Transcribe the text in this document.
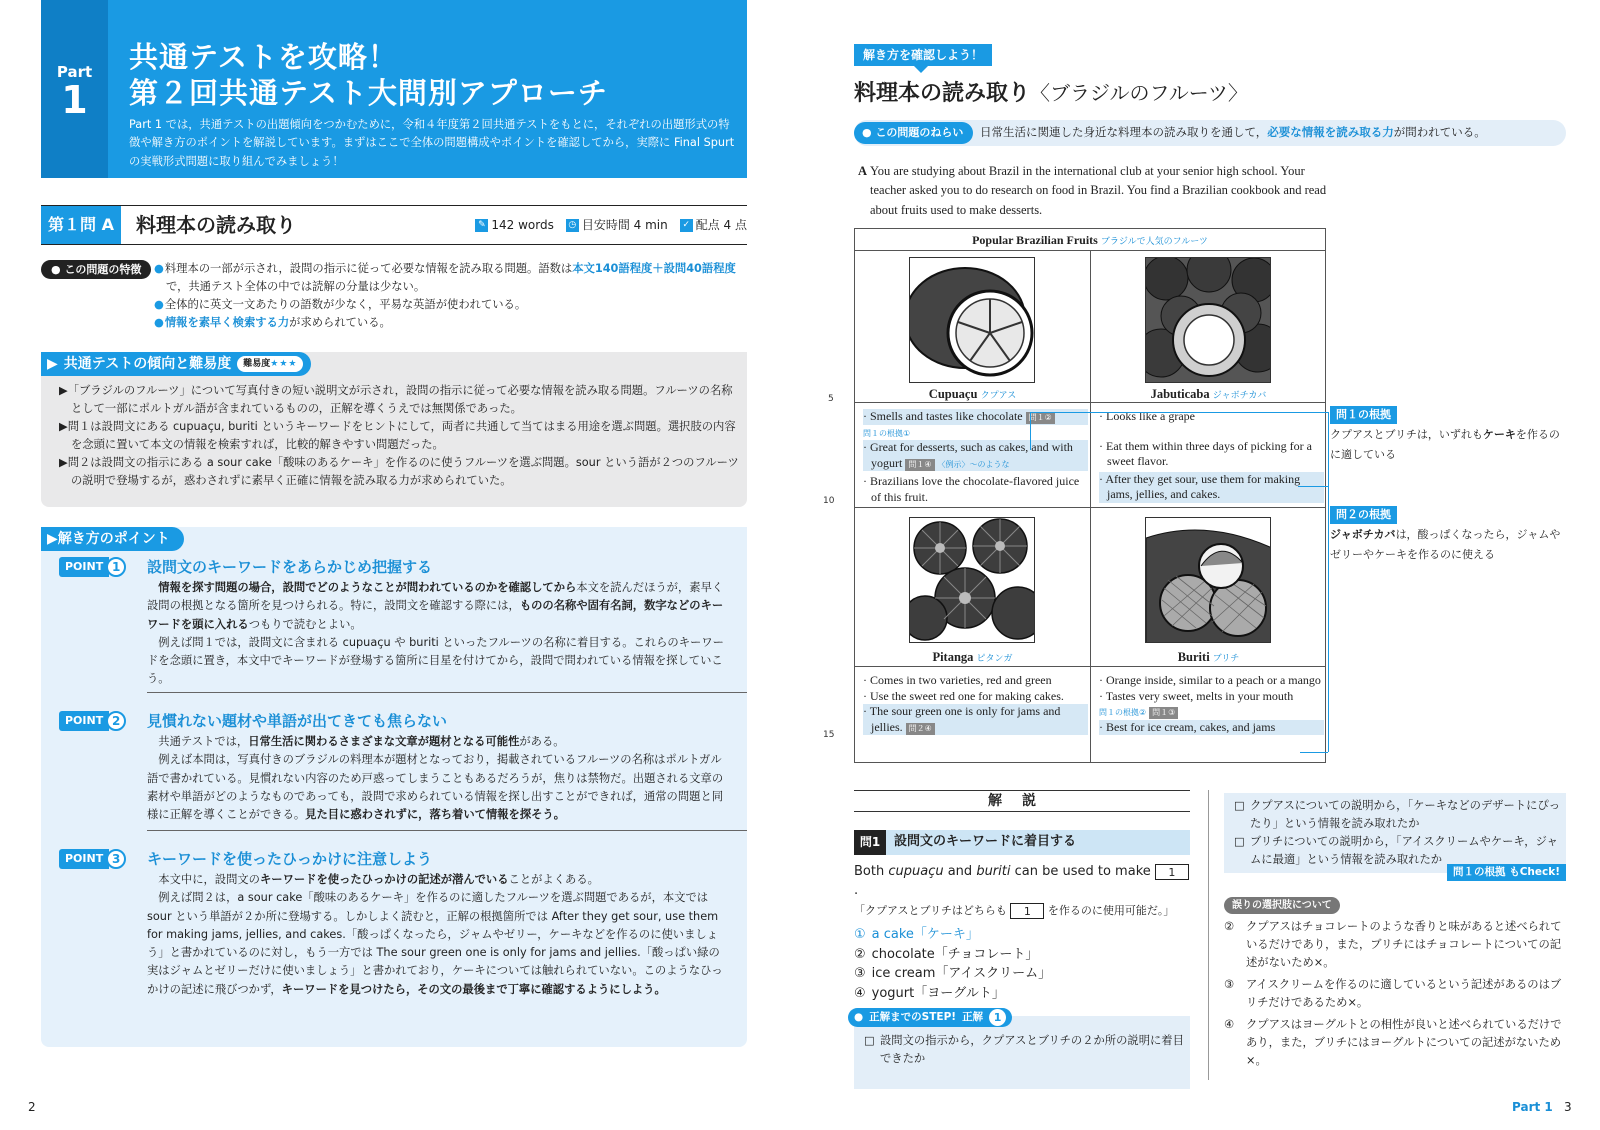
Part
1
共通テストを攻略！
第２回共通テスト大問別アプローチ
Part 1 では，共通テストの出題傾向をつかむために，令和４年度第２回共通テストをもとに，それぞれの出題形式の特徴や解き方のポイントを解説しています。まずはここで全体の問題構成やポイントを確認してから，実際に Final Spurt の実戦形式問題に取り組んでみましょう！
第１問 A	料理本の読み取り	✎ 142 words ◷ 目安時間 4 min	✓ 配点 4 点
● この問題の特徴
●	料理本の一部が示され，設問の指示に従って必要な情報を読み取る問題。語数は本文140語程度＋設問40語程度で，共通テスト全体の中では読解の分量は少ない。
● 全体的に英文一文あたりの語数が少なく，平易な英語が使われている。
● 情報を素早く検索する力が求められている。
▶ 共通テストの傾向と難易度	難易度★★★

▶「ブラジルのフルーツ」について写真付きの短い説明文が示され，設問の指示に従って必要な情報を読み取る問題。フルーツの名称として一部にポルトガル語が含まれているものの，正解を導くうえでは無関係であった。

▶問１は設問文にある cupuaçu, buriti というキーワードをヒントにして，両者に共通して当てはまる用途を選ぶ問題。選択肢の内容を念頭に置いて本文の情報を検索すれば，比較的解きやすい問題だった。

▶問２は設問文の指示にある a sour cake「酸味のあるケーキ」を作るのに使うフルーツを選ぶ問題。sour という語が２つのフルーツの説明で登場するが，惑わされずに素早く正確に情報を読み取る力が求められていた。

▶解き方のポイント
POINT 1	設問文のキーワードをあらかじめ把握する

情報を探す問題の場合，設問でどのようなことが問われているのかを確認してから本文を読んだほうが，素早く設問の根拠となる箇所を見つけられる。特に，設問文を確認する際には，ものの名称や固有名詞，数字などのキーワードを頭に入れるつもりで読むとよい。

例えば問１では，設問文に含まれる cupuaçu や buriti といったフルーツの名称に着目する。これらのキーワードを念頭に置き，本文中でキーワードが登場する箇所に目星を付けてから，設問で問われている情報を探していこう。

POINT 2	見慣れない題材や単語が出てきても焦らない

共通テストでは，日常生活に関わるさまざまな文章が題材となる可能性がある。

例えば本問は，写真付きのブラジルの料理本が題材となっており，掲載されているフルーツの名称はポルトガル語で書かれている。見慣れない内容のため戸惑ってしまうこともあるだろうが，焦りは禁物だ。出題される文章の素材や単語がどのようなものであっても，設問で求められている情報を探し出すことができれば，通常の問題と同様に正解を導くことができる。見た目に惑わされずに，落ち着いて情報を探そう。

POINT 3	キーワードを使ったひっかけに注意しよう

本文中に，設問文のキーワードを使ったひっかけの記述が潜んでいることがよくある。

例えば問２は，a sour cake「酸味のあるケーキ」を作るのに適したフルーツを選ぶ問題であるが，本文では sour という単語が２か所に登場する。しかしよく読むと，正解の根拠箇所では After they get sour, use them for making jams, jellies, and cakes.「酸っぱくなったら，ジャムやゼリー，ケーキなどを作るのに使いましょう」と書かれているのに対し，もう一方では The sour green one is only for jams and jellies.「酸っぱい緑の実はジャムとゼリーだけに使いましょう」と書かれており，ケーキについては触れられていない。このようなひっかけの記述に飛びつかず，キーワードを見つけたら，その文の最後まで丁寧に確認するようにしよう。

2
解き方を確認しよう！
料理本の読み取り〈ブラジルのフルーツ〉
● この問題のねらい	日常生活に関連した身近な料理本の読み取りを通して，必要な情報を読み取る力が問われている。
A You are studying about Brazil in the international club at your senior high school. Your teacher asked you to do research on food in Brazil. You find a Brazilian cookbook and read about fruits used to make desserts.
Popular Brazilian Fruits ブラジルで人気のフルーツ
Cupuaçu クプアス	Jabuticaba ジャボチカバ
· Smells and tastes like chocolate 問１②
問１の根拠①
· Great for desserts, such as cakes, and with yogurt 問１④ 〈例示〉～のような
· Brazilians love the chocolate-flavored juice of this fruit.
· Looks like a grape
· Eat them within three days of picking for a sweet flavor.
· After they get sour, use them for making jams, jellies, and cakes.
Pitanga ピタンガ	Buriti ブリチ
· Comes in two varieties, red and green
· Use the sweet red one for making cakes.
· The sour green one is only for jams and jellies. 問２④
· Orange inside, similar to a peach or a mango
· Tastes very sweet, melts in your mouth
問１の根拠② 問１③
· Best for ice cream, cakes, and jams
5
10
15
問１の根拠
クプアスとブリチは，いずれもケーキを作るのに適している
問２の根拠
ジャボチカバは，酸っぱくなったら，ジャムやゼリーやケーキを作るのに使える
解説
問1	設問文のキーワードに着目する
Both cupuaçu and buriti can be used to make 1 .
「クプアスとブリチはどちらも 1 を作るのに使用可能だ。」
① a cake「ケーキ」
② chocolate「チョコレート」
③ ice cream「アイスクリーム」
④ yogurt「ヨーグルト」
● 正解までのSTEP! 正解 1
設問文の指示から，クプアスとブリチの２か所の説明に着目できたか
クプアスについての説明から，「ケーキなどのデザートにぴったり」という情報を読み取れたか
ブリチについての説明から，「アイスクリームやケーキ，ジャムに最適」という情報を読み取れたか
問１の根拠 もCheck!
誤りの選択肢について
② クプアスはチョコレートのような香りと味があると述べられているだけであり，また，ブリチにはチョコレートについての記述がないため×。
③ アイスクリームを作るのに適しているという記述があるのはブリチだけであるため×。
④ クプアスはヨーグルトとの相性が良いと述べられているだけであり，また，ブリチにはヨーグルトについての記述がないため×。
Part 1 3
